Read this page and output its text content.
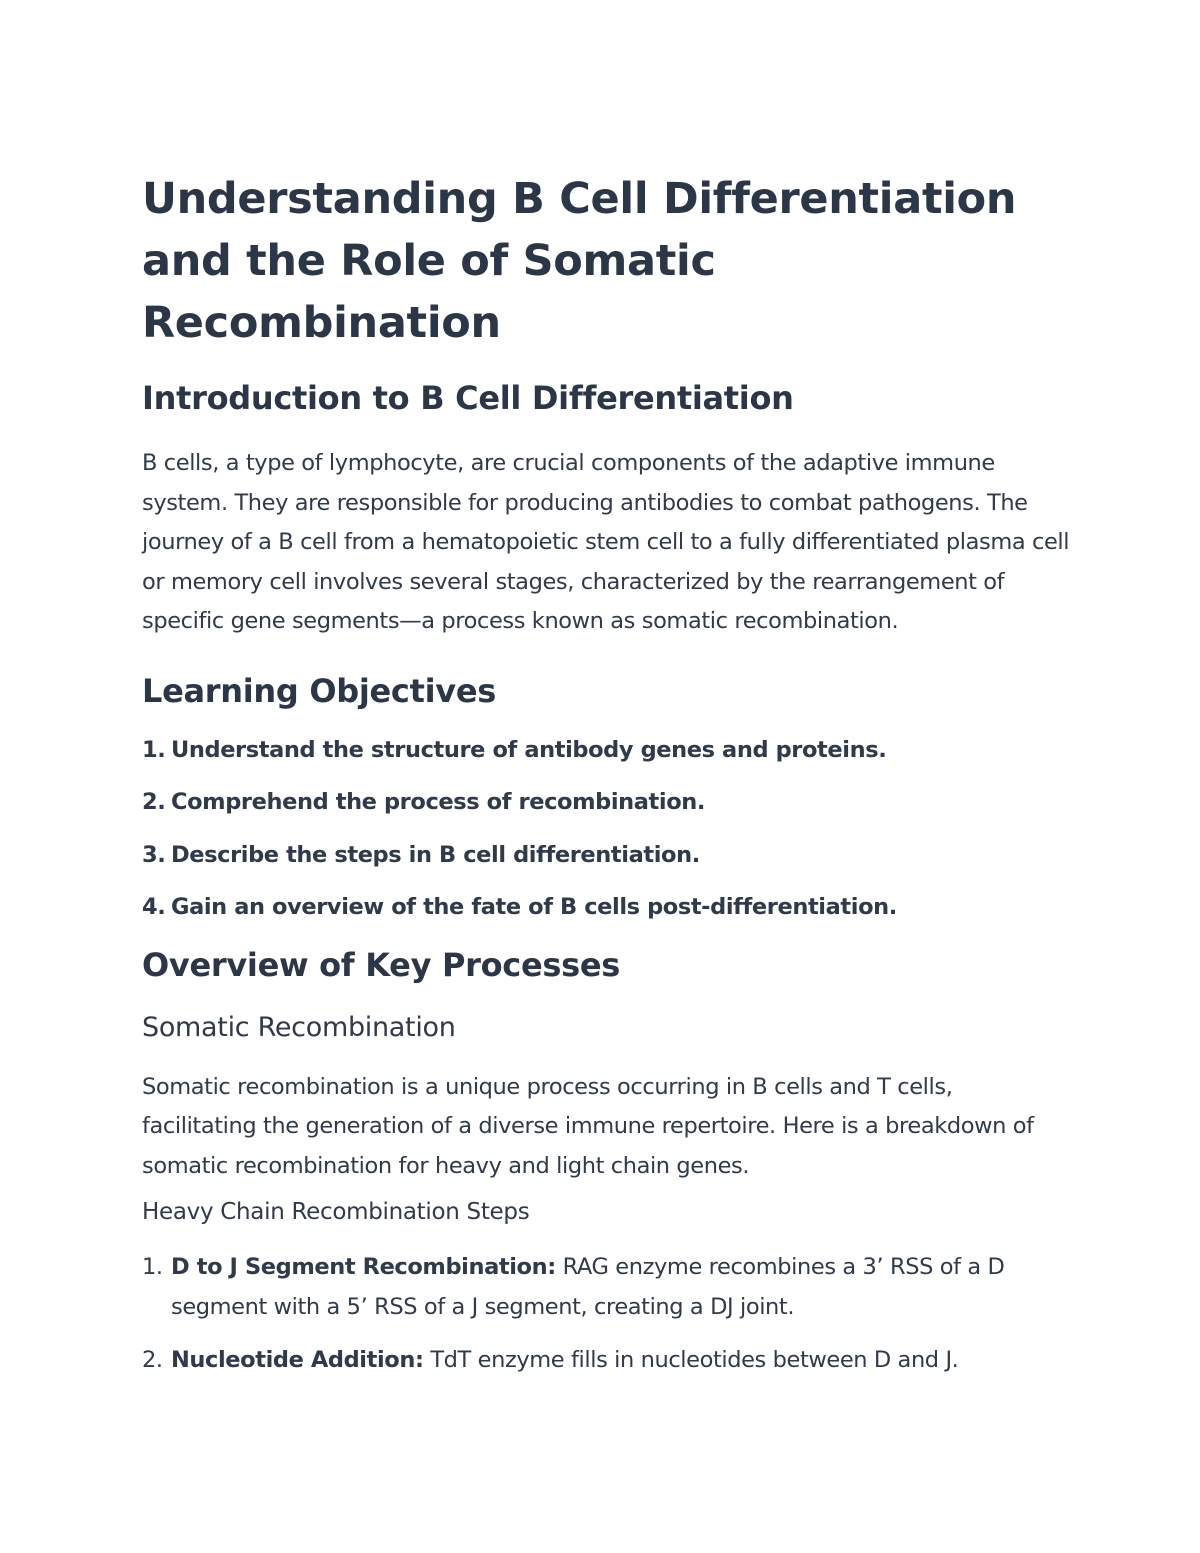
Understanding B Cell Differentiation and the Role of Somatic Recombination
Introduction to B Cell Differentiation

B cells, a type of lymphocyte, are crucial components of the adaptive immune system. They are responsible for producing antibodies to combat pathogens. The journey of a B cell from a hematopoietic stem cell to a fully differentiated plasma cell or memory cell involves several stages, characterized by the rearrangement of specific gene segments—a process known as somatic recombination.

Learning Objectives
1. Understand the structure of antibody genes and proteins.
2. Comprehend the process of recombination.
3. Describe the steps in B cell differentiation.
4. Gain an overview of the fate of B cells post-differentiation.
Overview of Key Processes
Somatic Recombination

Somatic recombination is a unique process occurring in B cells and T cells, facilitating the generation of a diverse immune repertoire. Here is a breakdown of somatic recombination for heavy and light chain genes.

Heavy Chain Recombination Steps
1. D to J Segment Recombination: RAG enzyme recombines a 3’ RSS of a D segment with a 5’ RSS of a J segment, creating a DJ joint.
2. Nucleotide Addition: TdT enzyme fills in nucleotides between D and J.
